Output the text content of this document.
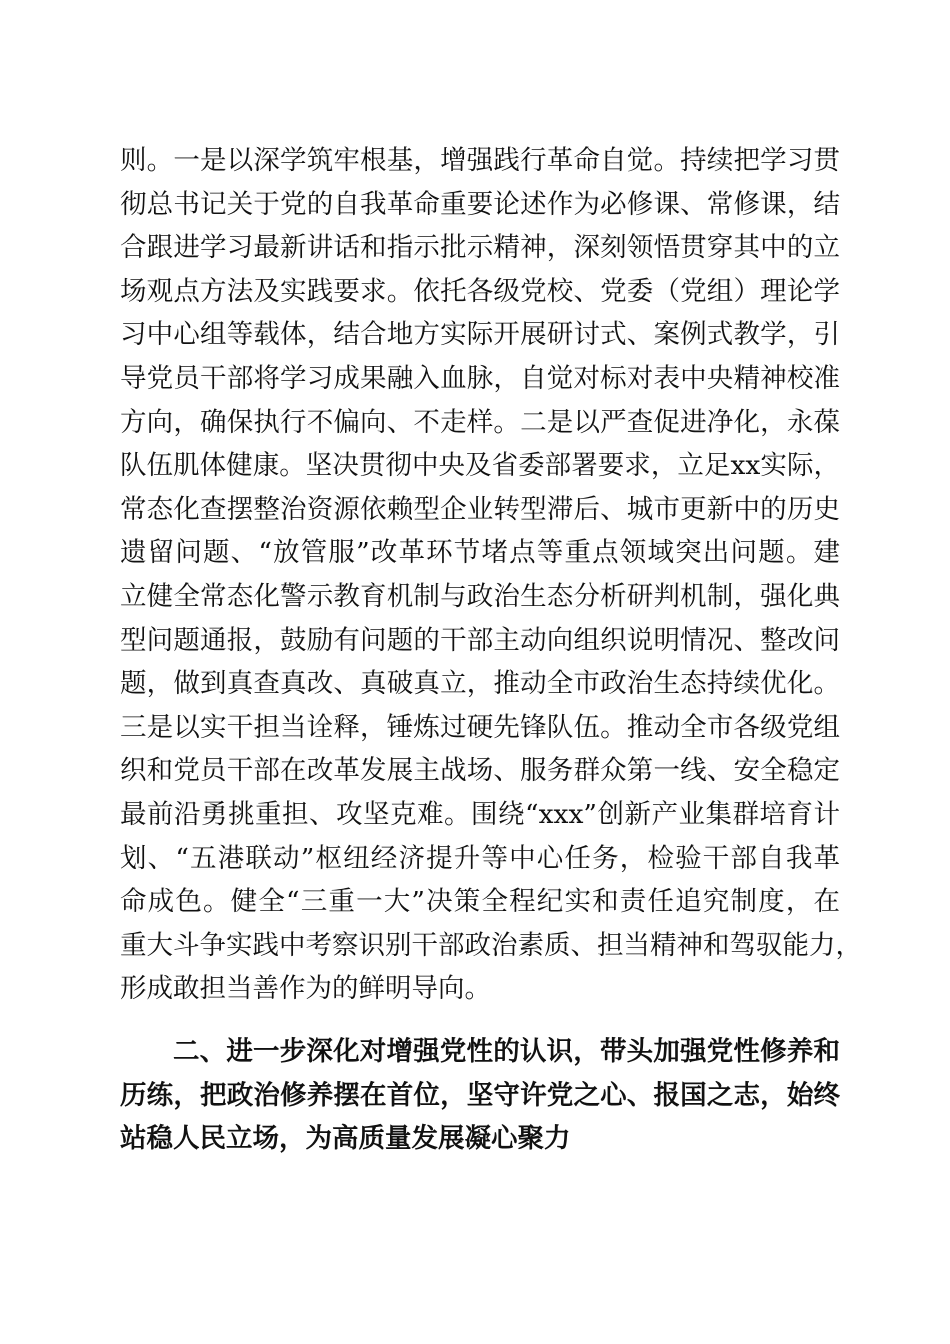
则。一是以深学筑牢根基，增强践行革命自觉。持续把学习贯
彻总书记关于党的自我革命重要论述作为必修课、常修课，结
合跟进学习最新讲话和指示批示精神，深刻领悟贯穿其中的立
场观点方法及实践要求。依托各级党校、党委（党组）理论学
习中心组等载体，结合地方实际开展研讨式、案例式教学，引
导党员干部将学习成果融入血脉，自觉对标对表中央精神校准
方向，确保执行不偏向、不走样。二是以严查促进净化，永葆
队伍肌体健康。坚决贯彻中央及省委部署要求，立足xx实际，
常态化查摆整治资源依赖型企业转型滞后、城市更新中的历史
遗留问题、“放管服”改革环节堵点等重点领域突出问题。建
立健全常态化警示教育机制与政治生态分析研判机制，强化典
型问题通报，鼓励有问题的干部主动向组织说明情况、整改问
题，做到真查真改、真破真立，推动全市政治生态持续优化。
三是以实干担当诠释，锤炼过硬先锋队伍。推动全市各级党组
织和党员干部在改革发展主战场、服务群众第一线、安全稳定
最前沿勇挑重担、攻坚克难。围绕“xxx”创新产业集群培育计
划、“五港联动”枢纽经济提升等中心任务，检验干部自我革
命成色。健全“三重一大”决策全程纪实和责任追究制度，在
重大斗争实践中考察识别干部政治素质、担当精神和驾驭能力，
形成敢担当善作为的鲜明导向。
二、进一步深化对增强党性的认识，带头加强党性修养和
历练，把政治修养摆在首位，坚守许党之心、报国之志，始终
站稳人民立场，为高质量发展凝心聚力
